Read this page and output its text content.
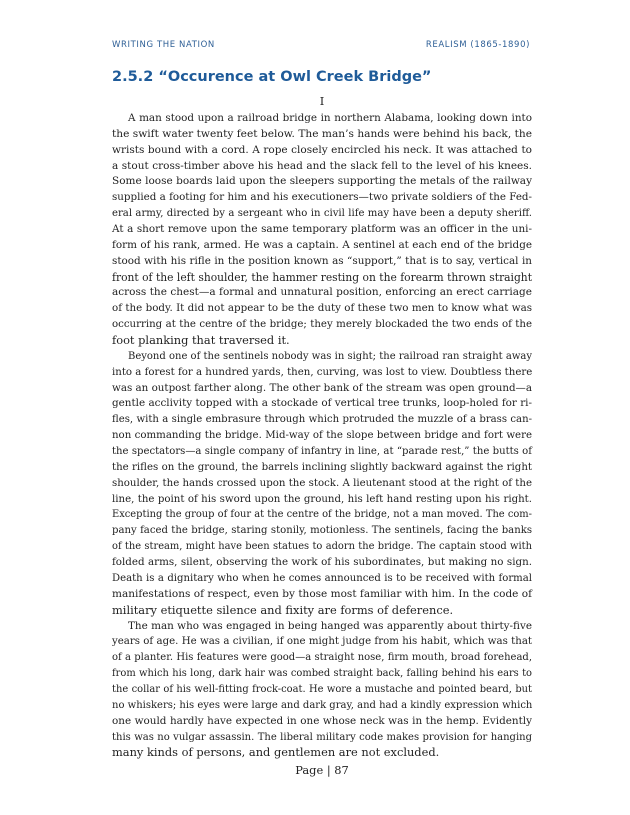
WRITING THE NATION	REALISM (1865-1890)
2.5.2 “Occurence at Owl Creek Bridge”
I
A man stood upon a railroad bridge in northern Alabama, looking down into
the swift water twenty feet below. The man’s hands were behind his back, the
wrists bound with a cord. A rope closely encircled his neck. It was attached to
a stout cross-timber above his head and the slack fell to the level of his knees.
Some loose boards laid upon the sleepers supporting the metals of the railway
supplied a footing for him and his executioners—two private soldiers of the Fed-
eral army, directed by a sergeant who in civil life may have been a deputy sheriff.
At a short remove upon the same temporary platform was an officer in the uni-
form of his rank, armed. He was a captain. A sentinel at each end of the bridge
stood with his rifle in the position known as “support,” that is to say, vertical in
front of the left shoulder, the hammer resting on the forearm thrown straight
across the chest—a formal and unnatural position, enforcing an erect carriage
of the body. It did not appear to be the duty of these two men to know what was
occurring at the centre of the bridge; they merely blockaded the two ends of the
foot planking that traversed it.
Beyond one of the sentinels nobody was in sight; the railroad ran straight away
into a forest for a hundred yards, then, curving, was lost to view. Doubtless there
was an outpost farther along. The other bank of the stream was open ground—a
gentle acclivity topped with a stockade of vertical tree trunks, loop-holed for ri-
fles, with a single embrasure through which protruded the muzzle of a brass can-
non commanding the bridge. Mid-way of the slope between bridge and fort were
the spectators—a single company of infantry in line, at “parade rest,” the butts of
the rifles on the ground, the barrels inclining slightly backward against the right
shoulder, the hands crossed upon the stock. A lieutenant stood at the right of the
line, the point of his sword upon the ground, his left hand resting upon his right.
Excepting the group of four at the centre of the bridge, not a man moved. The com-
pany faced the bridge, staring stonily, motionless. The sentinels, facing the banks
of the stream, might have been statues to adorn the bridge. The captain stood with
folded arms, silent, observing the work of his subordinates, but making no sign.
Death is a dignitary who when he comes announced is to be received with formal
manifestations of respect, even by those most familiar with him. In the code of
military etiquette silence and fixity are forms of deference.
The man who was engaged in being hanged was apparently about thirty-five
years of age. He was a civilian, if one might judge from his habit, which was that
of a planter. His features were good—a straight nose, firm mouth, broad forehead,
from which his long, dark hair was combed straight back, falling behind his ears to
the collar of his well-fitting frock-coat. He wore a mustache and pointed beard, but
no whiskers; his eyes were large and dark gray, and had a kindly expression which
one would hardly have expected in one whose neck was in the hemp. Evidently
this was no vulgar assassin. The liberal military code makes provision for hanging
many kinds of persons, and gentlemen are not excluded.
Page | 87
